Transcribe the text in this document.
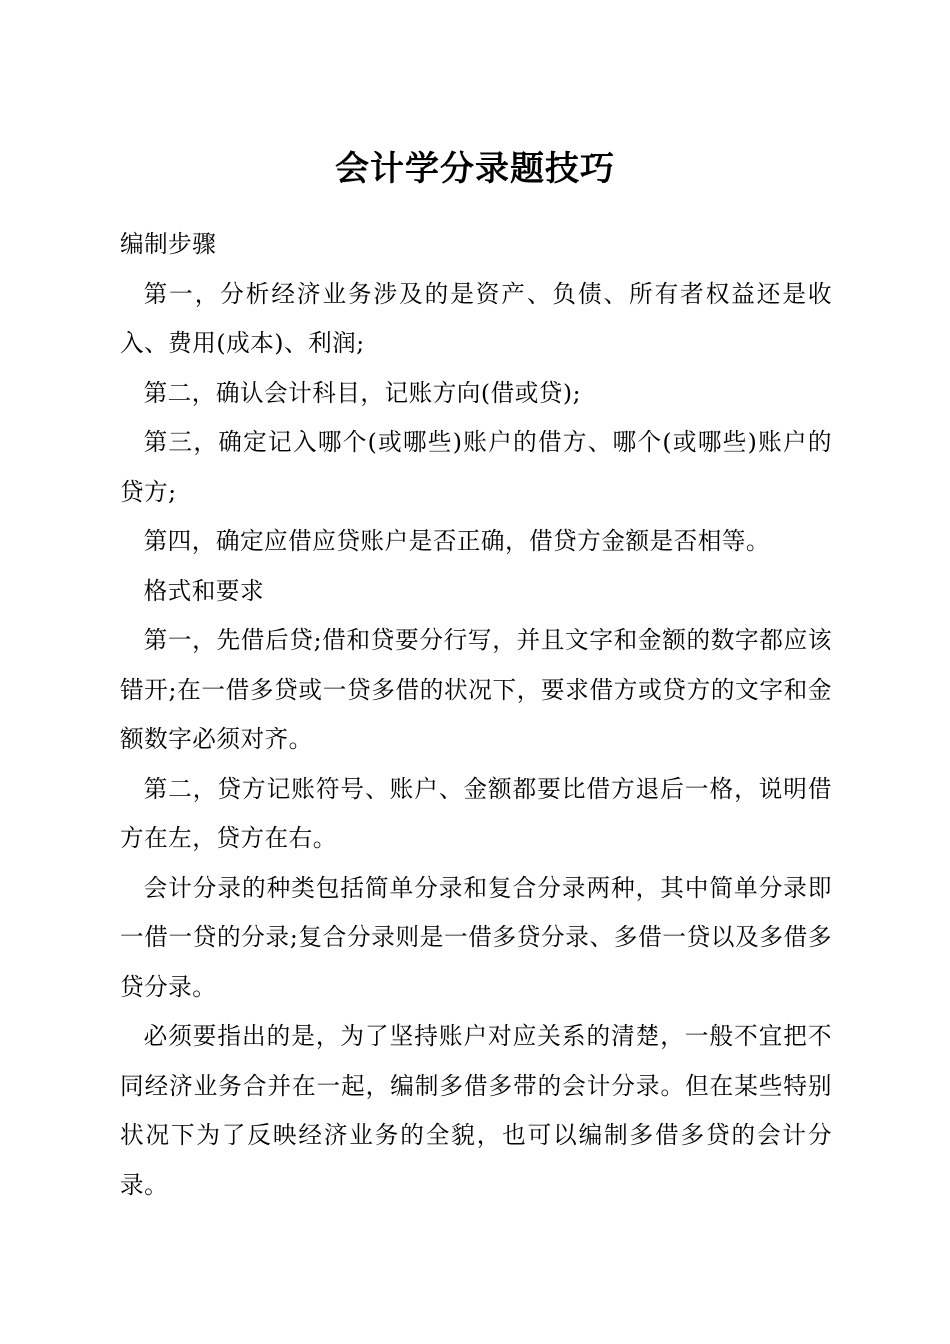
会计学分录题技巧

编制步骤

第一，分析经济业务涉及的是资产、负债、所有者权益还是收入、费用(成本)、利润;

第二，确认会计科目，记账方向(借或贷);

第三，确定记入哪个(或哪些)账户的借方、哪个(或哪些)账户的贷方;

第四，确定应借应贷账户是否正确，借贷方金额是否相等。

格式和要求

第一，先借后贷;借和贷要分行写，并且文字和金额的数字都应该错开;在一借多贷或一贷多借的状况下，要求借方或贷方的文字和金额数字必须对齐。

第二，贷方记账符号、账户、金额都要比借方退后一格，说明借方在左，贷方在右。

会计分录的种类包括简单分录和复合分录两种，其中简单分录即一借一贷的分录;复合分录则是一借多贷分录、多借一贷以及多借多贷分录。

必须要指出的是，为了坚持账户对应关系的清楚，一般不宜把不同经济业务合并在一起，编制多借多带的会计分录。但在某些特别状况下为了反映经济业务的全貌，也可以编制多借多贷的会计分录。
